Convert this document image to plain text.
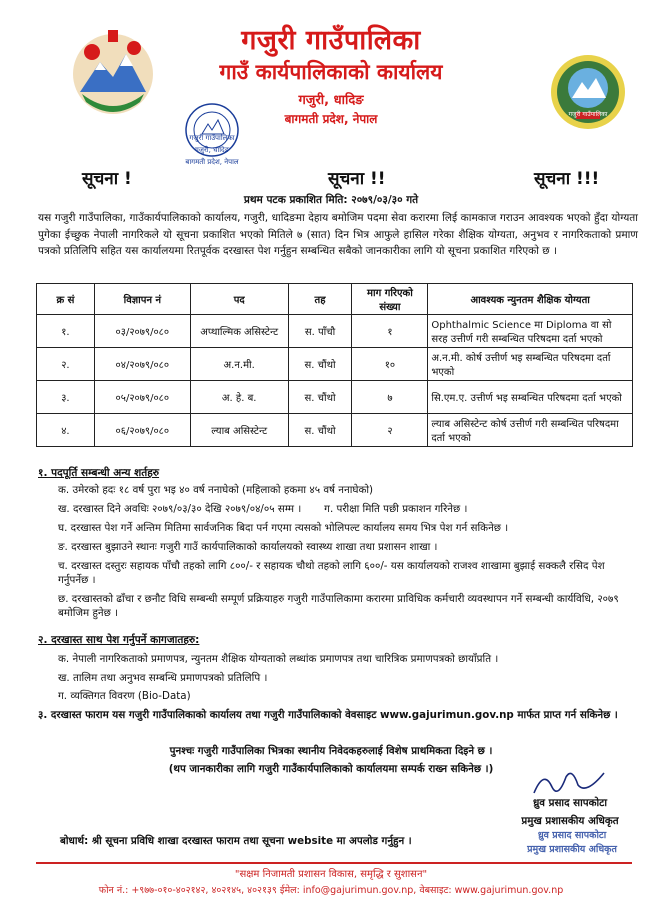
गजुरी गाउँपालिका
गजुरी, धादिङ
बागमती प्रदेश, नेपाल
गजुरी गाउँपालिका
गजुरी गाउँपालिका
गाउँ कार्यपालिकाको कार्यालय
गजुरी, धादिङ
बागमती प्रदेश, नेपाल
सूचना !	सूचना !!	सूचना !!!
प्रथम पटक प्रकाशित मिति: २०७९/०३/३० गते
यस गजुरी गाउँपालिका, गाउँकार्यपालिकाको कार्यालय, गजुरी, धादिङमा देहाय बमोजिम पदमा सेवा करारमा लिई कामकाज गराउन आवश्यक भएको हुँदा योग्यता पुगेका ईच्छुक नेपाली नागरिकले यो सूचना प्रकाशित भएको मितिले ७ (सात) दिन भित्र आफुले हासिल गरेका शैक्षिक योग्यता, अनुभव र नागरिकताको प्रमाण पत्रको प्रतिलिपि सहित यस कार्यालयमा रितपूर्वक दरखास्त पेश गर्नुहुन सम्बन्धित सबैको जानकारीका लागि यो सूचना प्रकाशित गरिएको छ ।
क्र सं	विज्ञापन नं	पद	तह	माग गरिएको संख्या	आवश्यक न्युनतम शैक्षिक योग्यता
१.	०३/२०७९/०८०	अप्थाल्मिक असिस्टेन्ट	स. पाँचौ	१	Ophthalmic Science मा Diploma वा सो सरह उत्तीर्ण गरी सम्बन्धित परिषदमा दर्ता भएको
२.	०४/२०७९/०८०	अ.न.मी.	स. चौंथो	१०	अ.न.मी. कोर्ष उत्तीर्ण भइ सम्बन्धित परिषदमा दर्ता भएको
३.	०५/२०७९/०८०	अ. हे. ब.	स. चौंथो	७	सि.एम.ए. उत्तीर्ण भइ सम्बन्धित परिषदमा दर्ता भएको
४.	०६/२०७९/०८०	ल्याब असिस्टेन्ट	स. चौंथो	२	ल्याब असिस्टेन्ट कोर्ष उत्तीर्ण गरी सम्बन्धित परिषदमा दर्ता भएको
१. पदपूर्ति सम्बन्धी अन्य शर्तहरु
क. उमेरको हदः १८ वर्ष पुरा भइ ४० वर्ष ननाघेको (महिलाको हकमा ४५ वर्ष ननाघेको)
ख. दरखास्त दिने अवधिः २०७९/०३/३० देखि २०७९/०४/०५ सम्म ।       ग. परीक्षा मिति पछी प्रकाशन गरिनेछ ।
घ. दरखास्त पेश गर्ने अन्तिम मितिमा सार्वजनिक बिदा पर्न गएमा त्यसको भोलिपल्ट कार्यालय समय भित्र पेश गर्न सकिनेछ ।
ङ. दरखास्त बुझाउने स्थानः गजुरी गाउँ कार्यपालिकाको कार्यालयको स्वास्थ्य शाखा तथा प्रशासन शाखा ।
च. दरखास्त दस्तुरः सहायक पाँचौ तहको लागि ८००/- र सहायक चौथो तहको लागि ६००/- यस कार्यालयको राजश्व शाखामा बुझाई सक्कलै रसिद पेश गर्नुपर्नेछ ।
छ. दरखास्तको ढाँचा र छनौट विधि सम्बन्धी सम्पूर्ण प्रक्रियाहरु गजुरी गाउँपालिकामा करारमा प्राविधिक कर्मचारी व्यवस्थापन गर्ने सम्बन्धी कार्यविधि, २०७९ बमोजिम हुनेछ ।
२. दरखास्त साथ पेश गर्नुपर्ने कागजातहरु:
क. नेपाली नागरिकताको प्रमाणपत्र, न्युनतम शैक्षिक योग्यताको लब्धांक प्रमाणपत्र तथा चारित्रिक प्रमाणपत्रको छायाँप्रति ।
ख. तालिम तथा अनुभव सम्बन्धि प्रमाणपत्रको प्रतिलिपि ।
ग. व्यक्तिगत विवरण (Bio-Data)
३. दरखास्त फाराम यस गजुरी गाउँपालिकाको कार्यालय तथा गजुरी गाउँपालिकाको वेवसाइट www.gajurimun.gov.np मार्फत प्राप्त गर्न सकिनेछ ।
पुनश्चः गजुरी गाउँपालिका भित्रका स्थानीय निवेदकहरुलाई विशेष प्राथमिकता दिइने छ ।
(थप जानकारीका लागि गजुरी गाउँकार्यपालिकाको कार्यालयमा सम्पर्क राख्न सकिनेछ ।)
ध्रुव प्रसाद सापकोटा
प्रमुख प्रशासकीय अधिकृत
ध्रुव प्रसाद सापकोटा
प्रमुख प्रशासकीय अधिकृत
बोधार्थ: श्री सूचना प्रविधि शाखा दरखास्त फाराम तथा सूचना website मा अपलोड गर्नुहुन ।
"सक्षम निजामती प्रशासन विकास, समृद्धि र सुशासन"
फोन नं.: +९७७-०१०-४०२१४२, ४०२१४५, ४०२१३९ ईमेल: info@gajurimun.gov.np, वेबसाइट: www.gajurimun.gov.np
